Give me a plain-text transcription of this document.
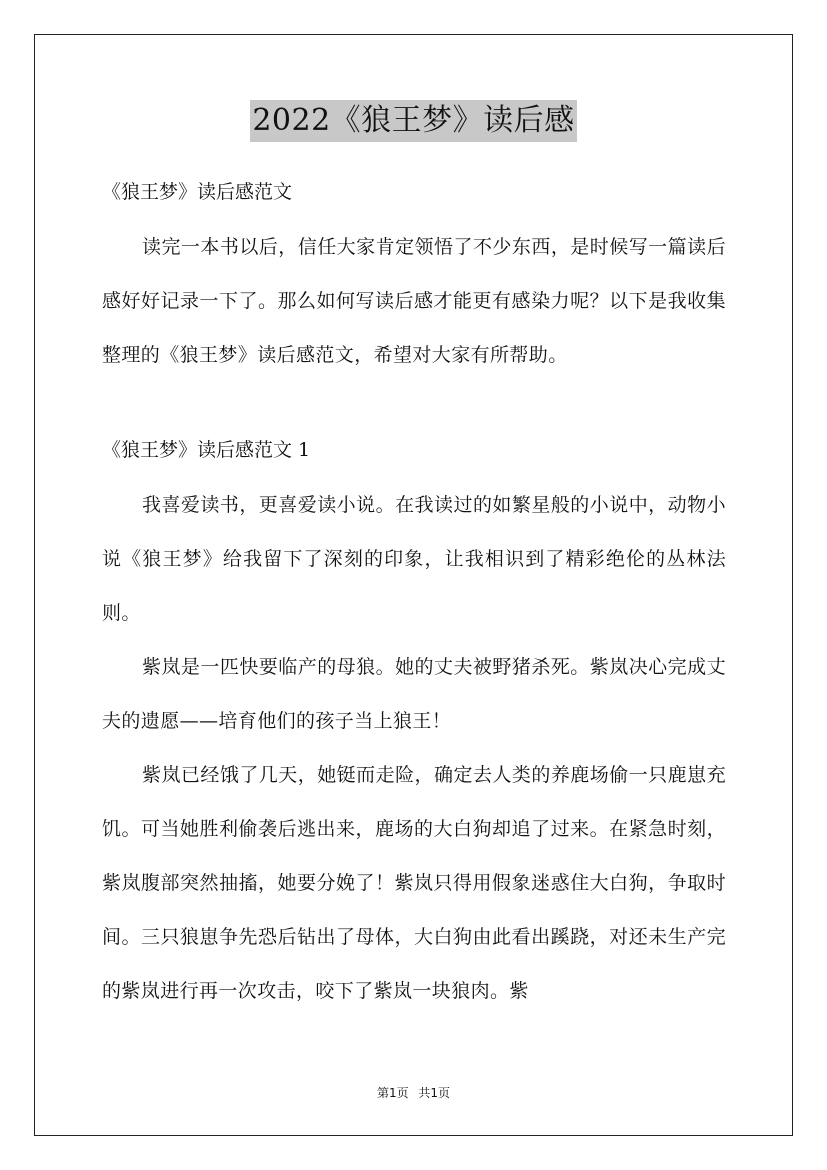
2022《狼王梦》读后感

《狼王梦》读后感范文

读完一本书以后，信任大家肯定领悟了不少东西，是时候写一篇读后感好好记录一下了。那么如何写读后感才能更有感染力呢？以下是我收集整理的《狼王梦》读后感范文，希望对大家有所帮助。

《狼王梦》读后感范文 1

我喜爱读书，更喜爱读小说。在我读过的如繁星般的小说中，动物小说《狼王梦》给我留下了深刻的印象，让我相识到了精彩绝伦的丛林法则。

紫岚是一匹快要临产的母狼。她的丈夫被野猪杀死。紫岚决心完成丈夫的遗愿——培育他们的孩子当上狼王！

紫岚已经饿了几天，她铤而走险，确定去人类的养鹿场偷一只鹿崽充饥。可当她胜利偷袭后逃出来，鹿场的大白狗却追了过来。在紧急时刻，紫岚腹部突然抽搐，她要分娩了！紫岚只得用假象迷惑住大白狗，争取时间。三只狼崽争先恐后钻出了母体，大白狗由此看出蹊跷，对还未生产完的紫岚进行再一次攻击，咬下了紫岚一块狼肉。紫

第1页 共1页
